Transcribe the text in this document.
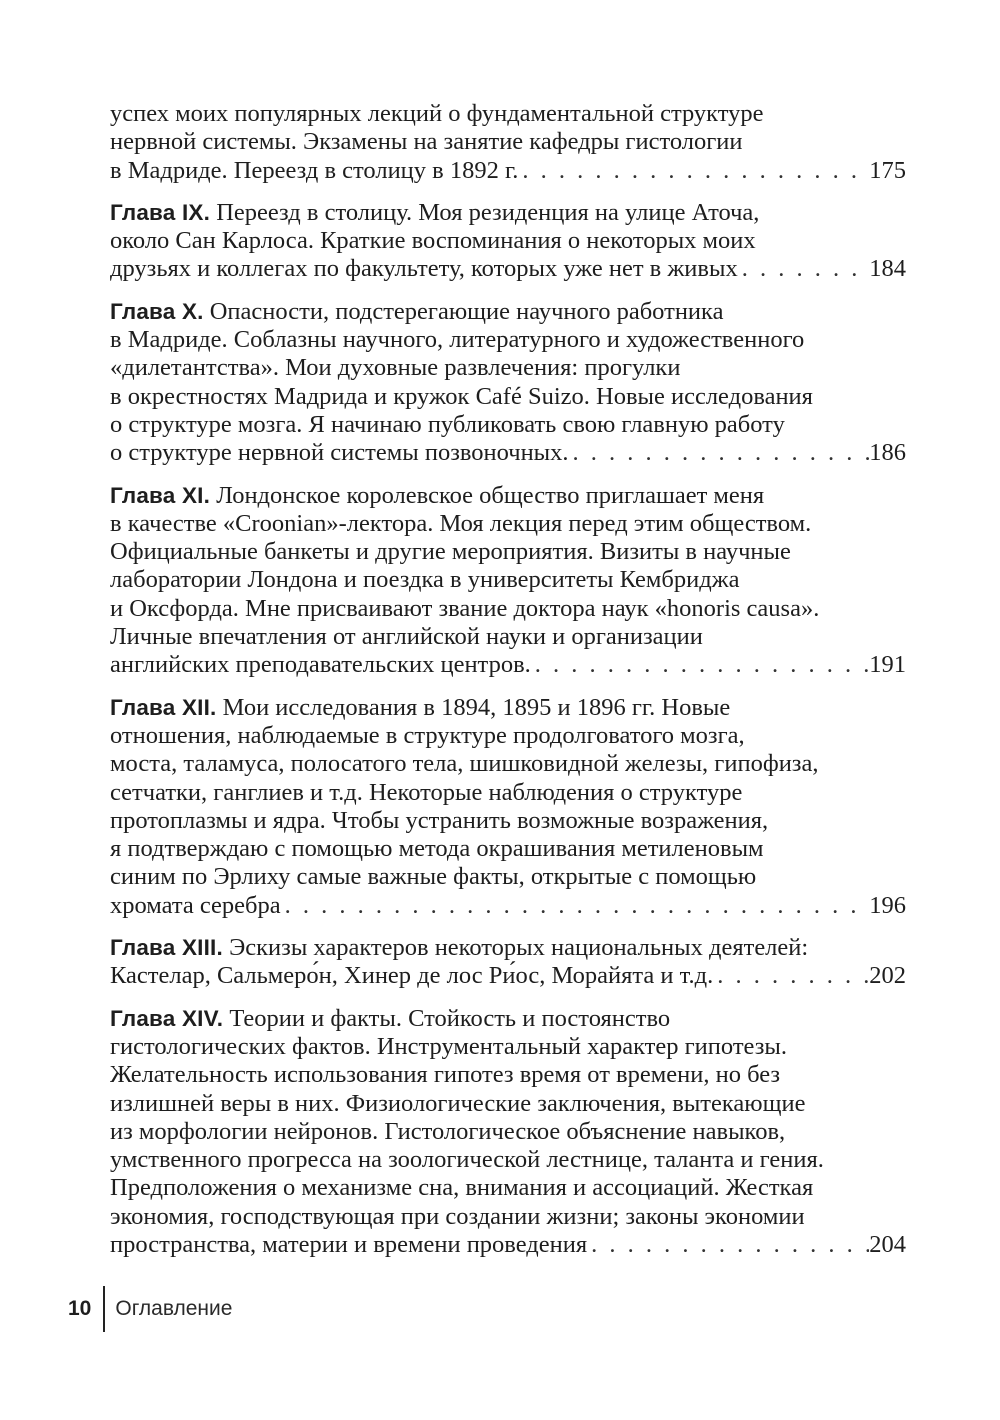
успех моих популярных лекций о фундаментальной структуре
нервной системы. Экзамены на занятие кафедры гистологии
в Мадриде. Переезд в столицу в 1892 г. . . .	175
Глава IX. Переезд в столицу. Моя резиденция на улице Аточа,
около Сан Карлоса. Краткие воспоминания о некоторых моих
друзьях и коллегах по факультету, которых уже нет в живых . . .	184
Глава X. Опасности, подстерегающие научного работника
в Мадриде. Соблазны научного, литературного и художественного
«дилетантства». Мои духовные развлечения: прогулки
в окрестностях Мадрида и кружок Café Suizo. Новые исследования
о структуре мозга. Я начинаю публиковать свою главную работу
о структуре нервной системы позвоночных. . . .	186
Глава XI. Лондонское королевское общество приглашает меня
в качестве «Croonian»-лектора. Моя лекция перед этим обществом.
Официальные банкеты и другие мероприятия. Визиты в научные
лаборатории Лондона и поездка в университеты Кембриджа
и Оксфорда. Мне присваивают звание доктора наук «honoris causa».
Личные впечатления от английской науки и организации
английских преподавательских центров. . . .	191
Глава XII. Мои исследования в 1894, 1895 и 1896 гг. Новые
отношения, наблюдаемые в структуре продолговатого мозга,
моста, таламуса, полосатого тела, шишковидной железы, гипофиза,
сетчатки, ганглиев и т.д. Некоторые наблюдения о структуре
протоплазмы и ядра. Чтобы устранить возможные возражения,
я подтверждаю с помощью метода окрашивания метиленовым
синим по Эрлиху самые важные факты, открытые с помощью
хромата серебра . . .	196
Глава XIII. Эскизы характеров некоторых национальных деятелей:
Кастелар, Сальмеро́н, Хинер де лос Ри́ос, Морайята и т.д. . . .	202
Глава XIV. Теории и факты. Стойкость и постоянство
гистологических фактов. Инструментальный характер гипотезы.
Желательность использования гипотез время от времени, но без
излишней веры в них. Физиологические заключения, вытекающие
из морфологии нейронов. Гистологическое объяснение навыков,
умственного прогресса на зоологической лестнице, таланта и гения.
Предположения о механизме сна, внимания и ассоциаций. Жесткая
экономия, господствующая при создании жизни; законы экономии
пространства, материи и времени проведения . . .	204
10	Оглавление
